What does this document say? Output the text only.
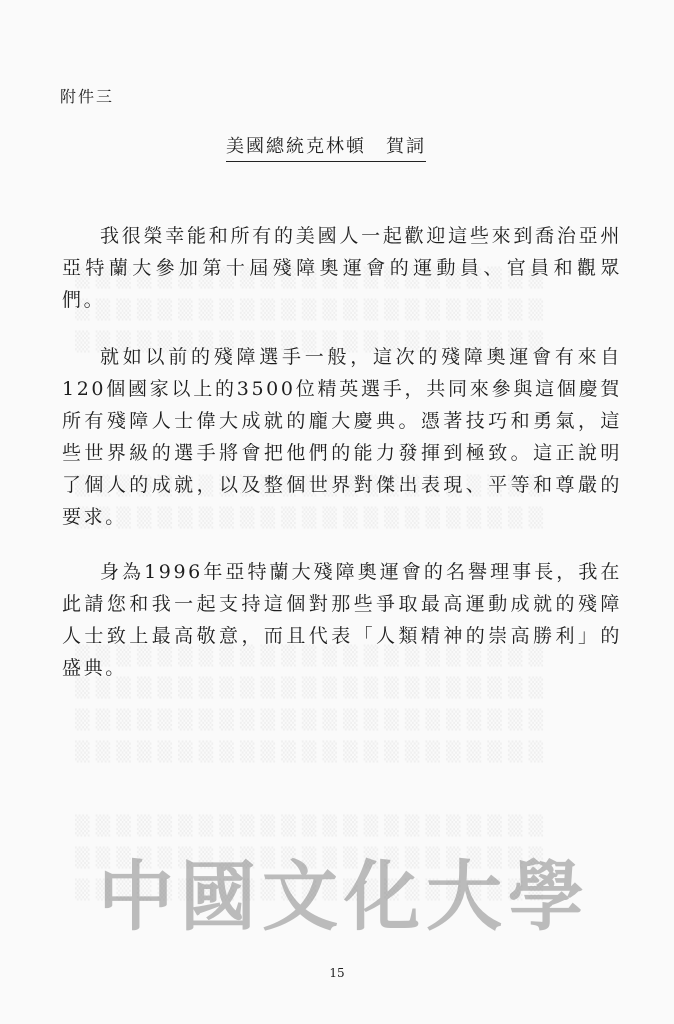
附件三
美國總統克林頓　賀詞

我很榮幸能和所有的美國人一起歡迎這些來到喬治亞州亞特蘭大參加第十屆殘障奧運會的運動員、官員和觀眾們。

就如以前的殘障選手一般，這次的殘障奧運會有來自120個國家以上的3500位精英選手，共同來參與這個慶賀所有殘障人士偉大成就的龐大慶典。憑著技巧和勇氣，這些世界級的選手將會把他們的能力發揮到極致。這正說明了個人的成就，以及整個世界對傑出表現、平等和尊嚴的要求。

身為1996年亞特蘭大殘障奧運會的名譽理事長，我在此請您和我一起支持這個對那些爭取最高運動成就的殘障人士致上最高敬意，而且代表「人類精神的崇高勝利」的盛典。

中國文化大學
15
